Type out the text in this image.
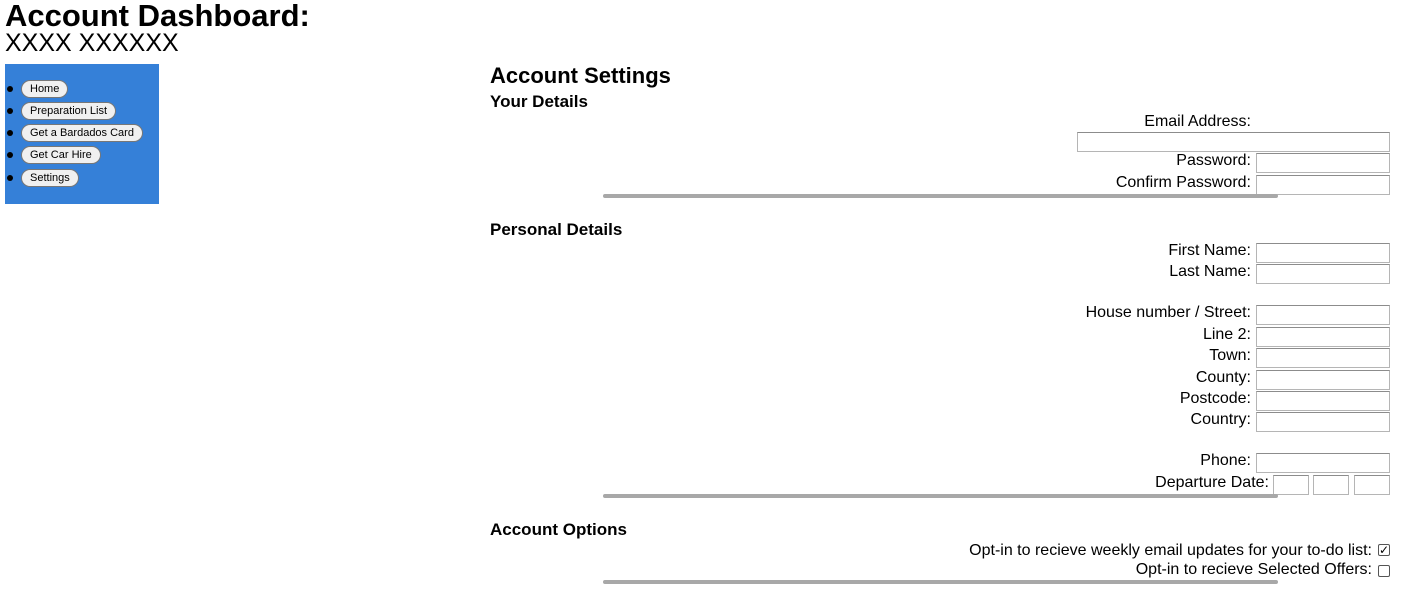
Account Dashboard:
XXXX XXXXXX
Home
Preparation List
Get a Bardados Card
Get Car Hire
Settings
Account Settings
Your Details
Email Address:
Password:
Confirm Password:
Personal Details
First Name:
Last Name:
House number / Street:
Line 2:
Town:
County:
Postcode:
Country:
Phone:
Departure Date:
Account Options
Opt-in to recieve weekly email updates for your to-do list: ✓
Opt-in to recieve Selected Offers:
